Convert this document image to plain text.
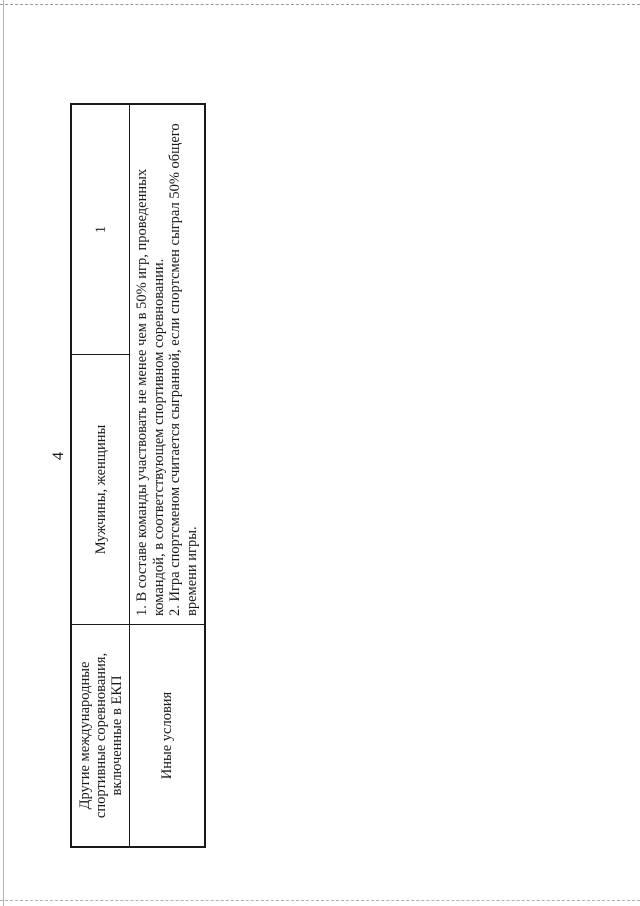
4
Другие международные спортивные соревнования, включенные в ЕКП
Мужчины, женщины
1
Иные условия
1. В составе команды участвовать не менее чем в 50% игр, проведенных командой, в соответствующем спортивном соревновании. 2. Игра спортсменом считается сыгранной, если спортсмен сыграл 50% общего времени игры.
